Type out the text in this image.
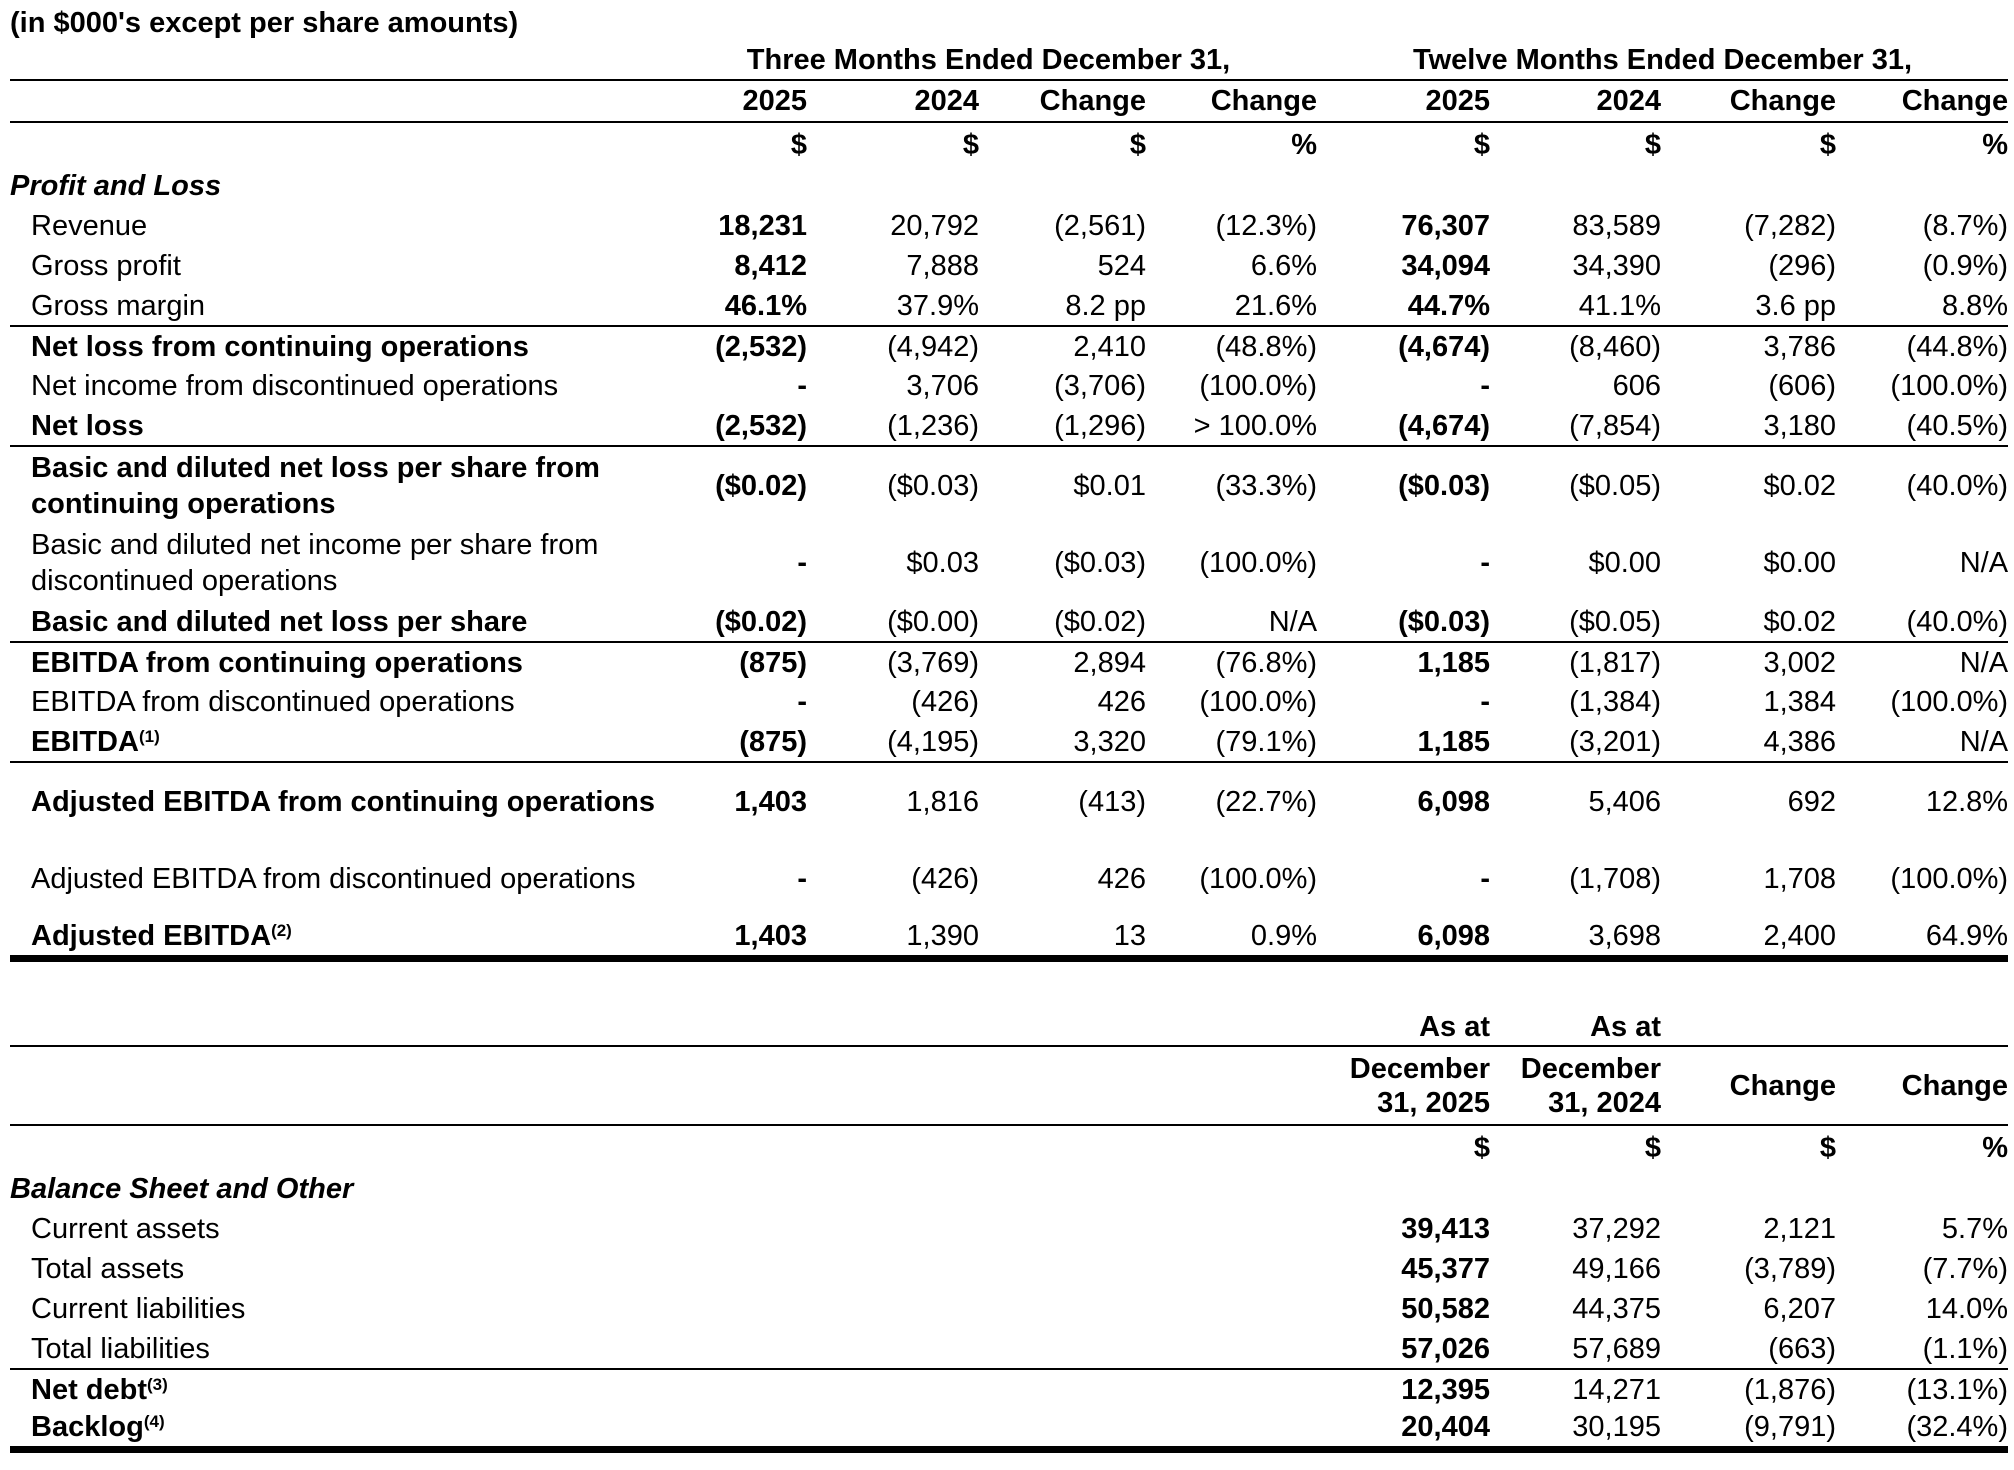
(in $000's except per share amounts)
	Three Months Ended December 31,				Twelve Months Ended December 31,			
	2025	2024	Change	Change	2025	2024	Change	Change
	$	$	$	%	$	$	$	%
Profit and Loss								
Revenue	18,231	20,792	(2,561)	(12.3%)	76,307	83,589	(7,282)	(8.7%)
Gross profit	8,412	7,888	524	6.6%	34,094	34,390	(296)	(0.9%)
Gross margin	46.1%	37.9%	8.2 pp	21.6%	44.7%	41.1%	3.6 pp	8.8%
Net loss from continuing operations	(2,532)	(4,942)	2,410	(48.8%)	(4,674)	(8,460)	3,786	(44.8%)
Net income from discontinued operations	-	3,706	(3,706)	(100.0%)	-	606	(606)	(100.0%)
Net loss	(2,532)	(1,236)	(1,296)	> 100.0%	(4,674)	(7,854)	3,180	(40.5%)
Basic and diluted net loss per share from continuing operations	($0.02)	($0.03)	$0.01	(33.3%)	($0.03)	($0.05)	$0.02	(40.0%)
Basic and diluted net income per share from discontinued operations	-	$0.03	($0.03)	(100.0%)	-	$0.00	$0.00	N/A
Basic and diluted net loss per share	($0.02)	($0.00)	($0.02)	N/A	($0.03)	($0.05)	$0.02	(40.0%)
EBITDA from continuing operations	(875)	(3,769)	2,894	(76.8%)	1,185	(1,817)	3,002	N/A
EBITDA from discontinued operations	-	(426)	426	(100.0%)	-	(1,384)	1,384	(100.0%)
EBITDA$^{(1)}$	(875)	(4,195)	3,320	(79.1%)	1,185	(3,201)	4,386	N/A
Adjusted EBITDA from continuing operations	1,403	1,816	(413)	(22.7%)	6,098	5,406	692	12.8%
Adjusted EBITDA from discontinued operations	-	(426)	426	(100.0%)	-	(1,708)	1,708	(100.0%)
Adjusted EBITDA$^{(2)}$	1,403	1,390	13	0.9%	6,098	3,698	2,400	64.9%
					As at	As at		
					December 31, 2025	December 31, 2024	Change	Change
					$	$	$	%
Balance Sheet and Other								
Current assets					39,413	37,292	2,121	5.7%
Total assets					45,377	49,166	(3,789)	(7.7%)
Current liabilities					50,582	44,375	6,207	14.0%
Total liabilities					57,026	57,689	(663)	(1.1%)
Net debt$^{(3)}$					12,395	14,271	(1,876)	(13.1%)
Backlog$^{(4)}$					20,404	30,195	(9,791)	(32.4%)
